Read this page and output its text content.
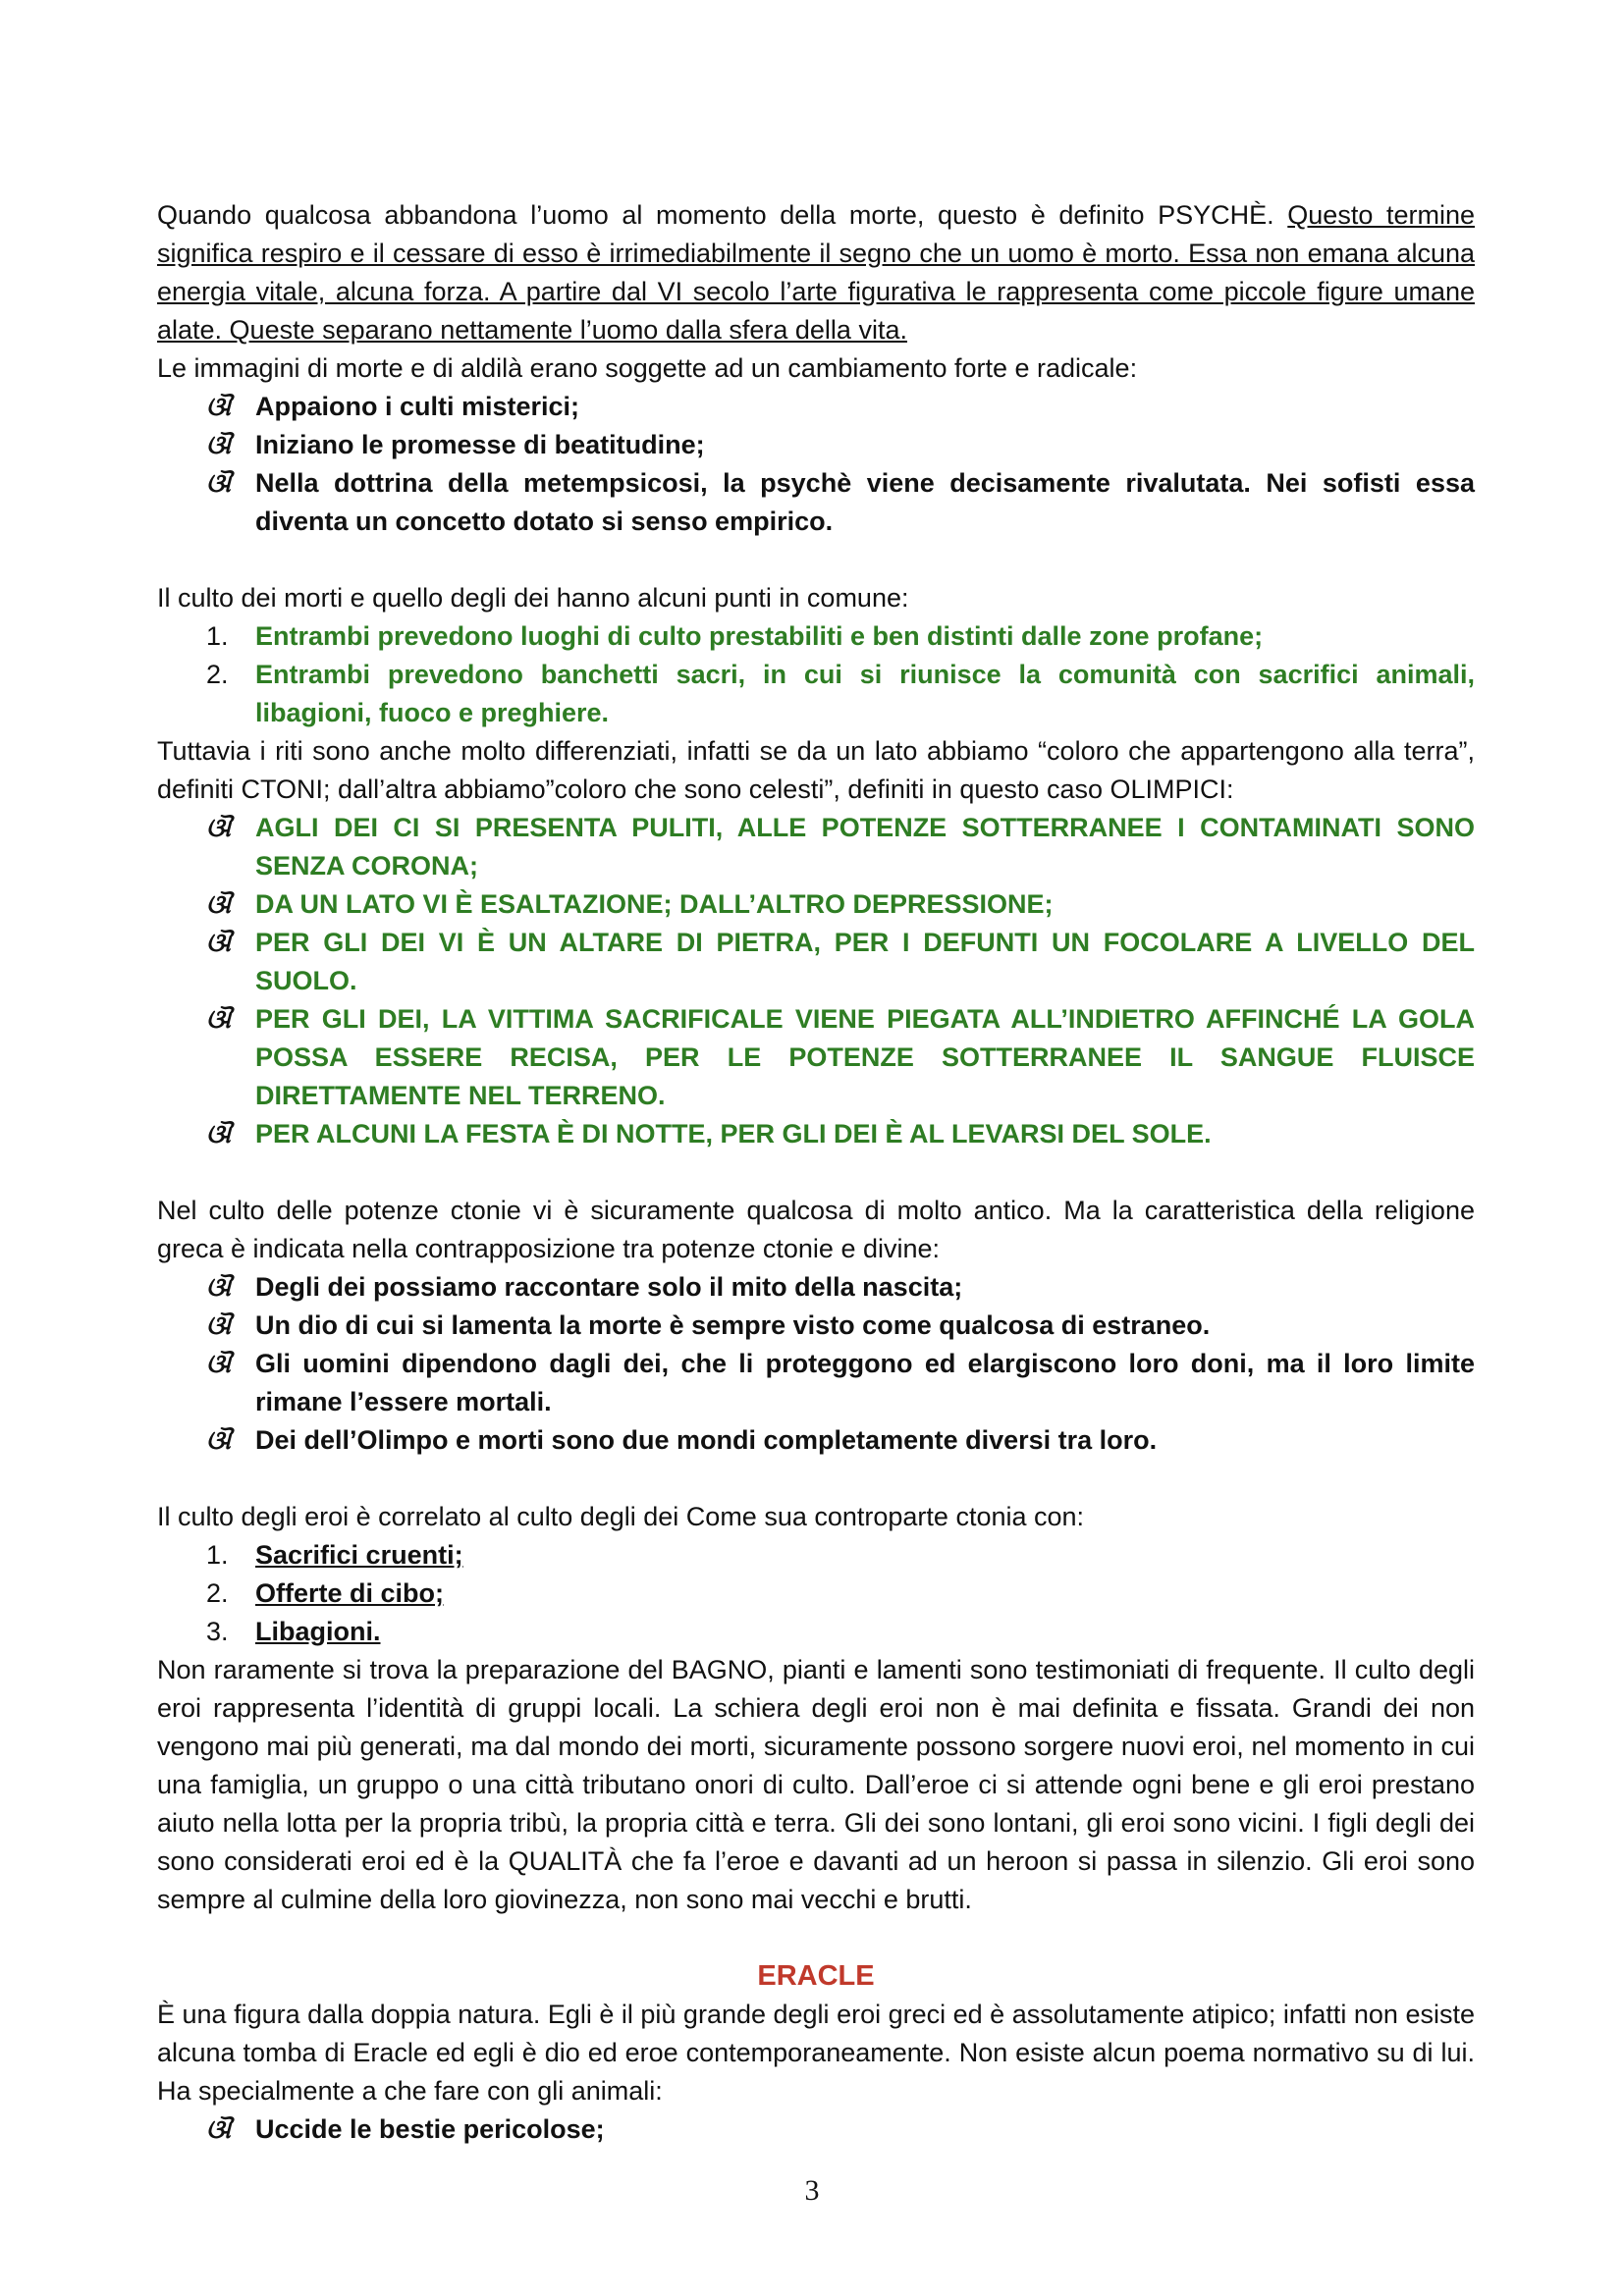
Quando qualcosa abbandona l’uomo al momento della morte, questo è definito PSYCHÈ. Questo termine significa respiro e il cessare di esso è irrimediabilmente il segno che un uomo è morto. Essa non emana alcuna energia vitale, alcuna forza. A partire dal VI secolo l’arte figurativa le rappresenta come piccole figure umane alate. Queste separano nettamente l’uomo dalla sfera della vita.

Le immagini di morte e di aldilà erano soggette ad un cambiamento forte e radicale:

ଔ Appaiono i culti misterici;
ଔ Iniziano le promesse di beatitudine;
ଔ Nella dottrina della metempsicosi, la psychè viene decisamente rivalutata. Nei sofisti essa diventa un concetto dotato si senso empirico.

Il culto dei morti e quello degli dei hanno alcuni punti in comune:

1. Entrambi prevedono luoghi di culto prestabiliti e ben distinti dalle zone profane;
2. Entrambi prevedono banchetti sacri, in cui si riunisce la comunità con sacrifici animali, libagioni, fuoco e preghiere.

Tuttavia i riti sono anche molto differenziati, infatti se da un lato abbiamo “coloro che appartengono alla terra”, definiti CTONI; dall’altra abbiamo”coloro che sono celesti”, definiti in questo caso OLIMPICI:

ଔ AGLI DEI CI SI PRESENTA PULITI, ALLE POTENZE SOTTERRANEE I CONTAMINATI SONO SENZA CORONA;
ଔ DA UN LATO VI È ESALTAZIONE; DALL’ALTRO DEPRESSIONE;
ଔ PER GLI DEI VI È UN ALTARE DI PIETRA, PER I DEFUNTI UN FOCOLARE A LIVELLO DEL SUOLO.
ଔ PER GLI DEI, LA VITTIMA SACRIFICALE VIENE PIEGATA ALL’INDIETRO AFFINCHÉ LA GOLA POSSA ESSERE RECISA, PER LE POTENZE SOTTERRANEE IL SANGUE FLUISCE DIRETTAMENTE NEL TERRENO.
ଔ PER ALCUNI LA FESTA È DI NOTTE, PER GLI DEI È AL LEVARSI DEL SOLE.

Nel culto delle potenze ctonie vi è sicuramente qualcosa di molto antico. Ma la caratteristica della religione greca è indicata nella contrapposizione tra potenze ctonie e divine:

ଔ Degli dei possiamo raccontare solo il mito della nascita;
ଔ Un dio di cui si lamenta la morte è sempre visto come qualcosa di estraneo.
ଔ Gli uomini dipendono dagli dei, che li proteggono ed elargiscono loro doni, ma il loro limite rimane l’essere mortali.
ଔ Dei dell’Olimpo e morti sono due mondi completamente diversi tra loro.

Il culto degli eroi è correlato al culto degli dei Come sua controparte ctonia con:

1. Sacrifici cruenti;
2. Offerte di cibo;
3. Libagioni.

Non raramente si trova la preparazione del BAGNO, pianti e lamenti sono testimoniati di frequente. Il culto degli eroi rappresenta l’identità di gruppi locali. La schiera degli eroi non è mai definita e fissata. Grandi dei non vengono mai più generati, ma dal mondo dei morti, sicuramente possono sorgere nuovi eroi, nel momento in cui una famiglia, un gruppo o una città tributano onori di culto. Dall’eroe ci si attende ogni bene e gli eroi prestano aiuto nella lotta per la propria tribù, la propria città e terra. Gli dei sono lontani, gli eroi sono vicini. I figli degli dei sono considerati eroi ed è la QUALITÀ che fa l’eroe e davanti ad un heroon si passa in silenzio. Gli eroi sono sempre al culmine della loro giovinezza, non sono mai vecchi e brutti.

ERACLE

È una figura dalla doppia natura. Egli è il più grande degli eroi greci ed è assolutamente atipico; infatti non esiste alcuna tomba di Eracle ed egli è dio ed eroe contemporaneamente. Non esiste alcun poema normativo su di lui. Ha specialmente a che fare con gli animali:

ଔ Uccide le bestie pericolose;
3
